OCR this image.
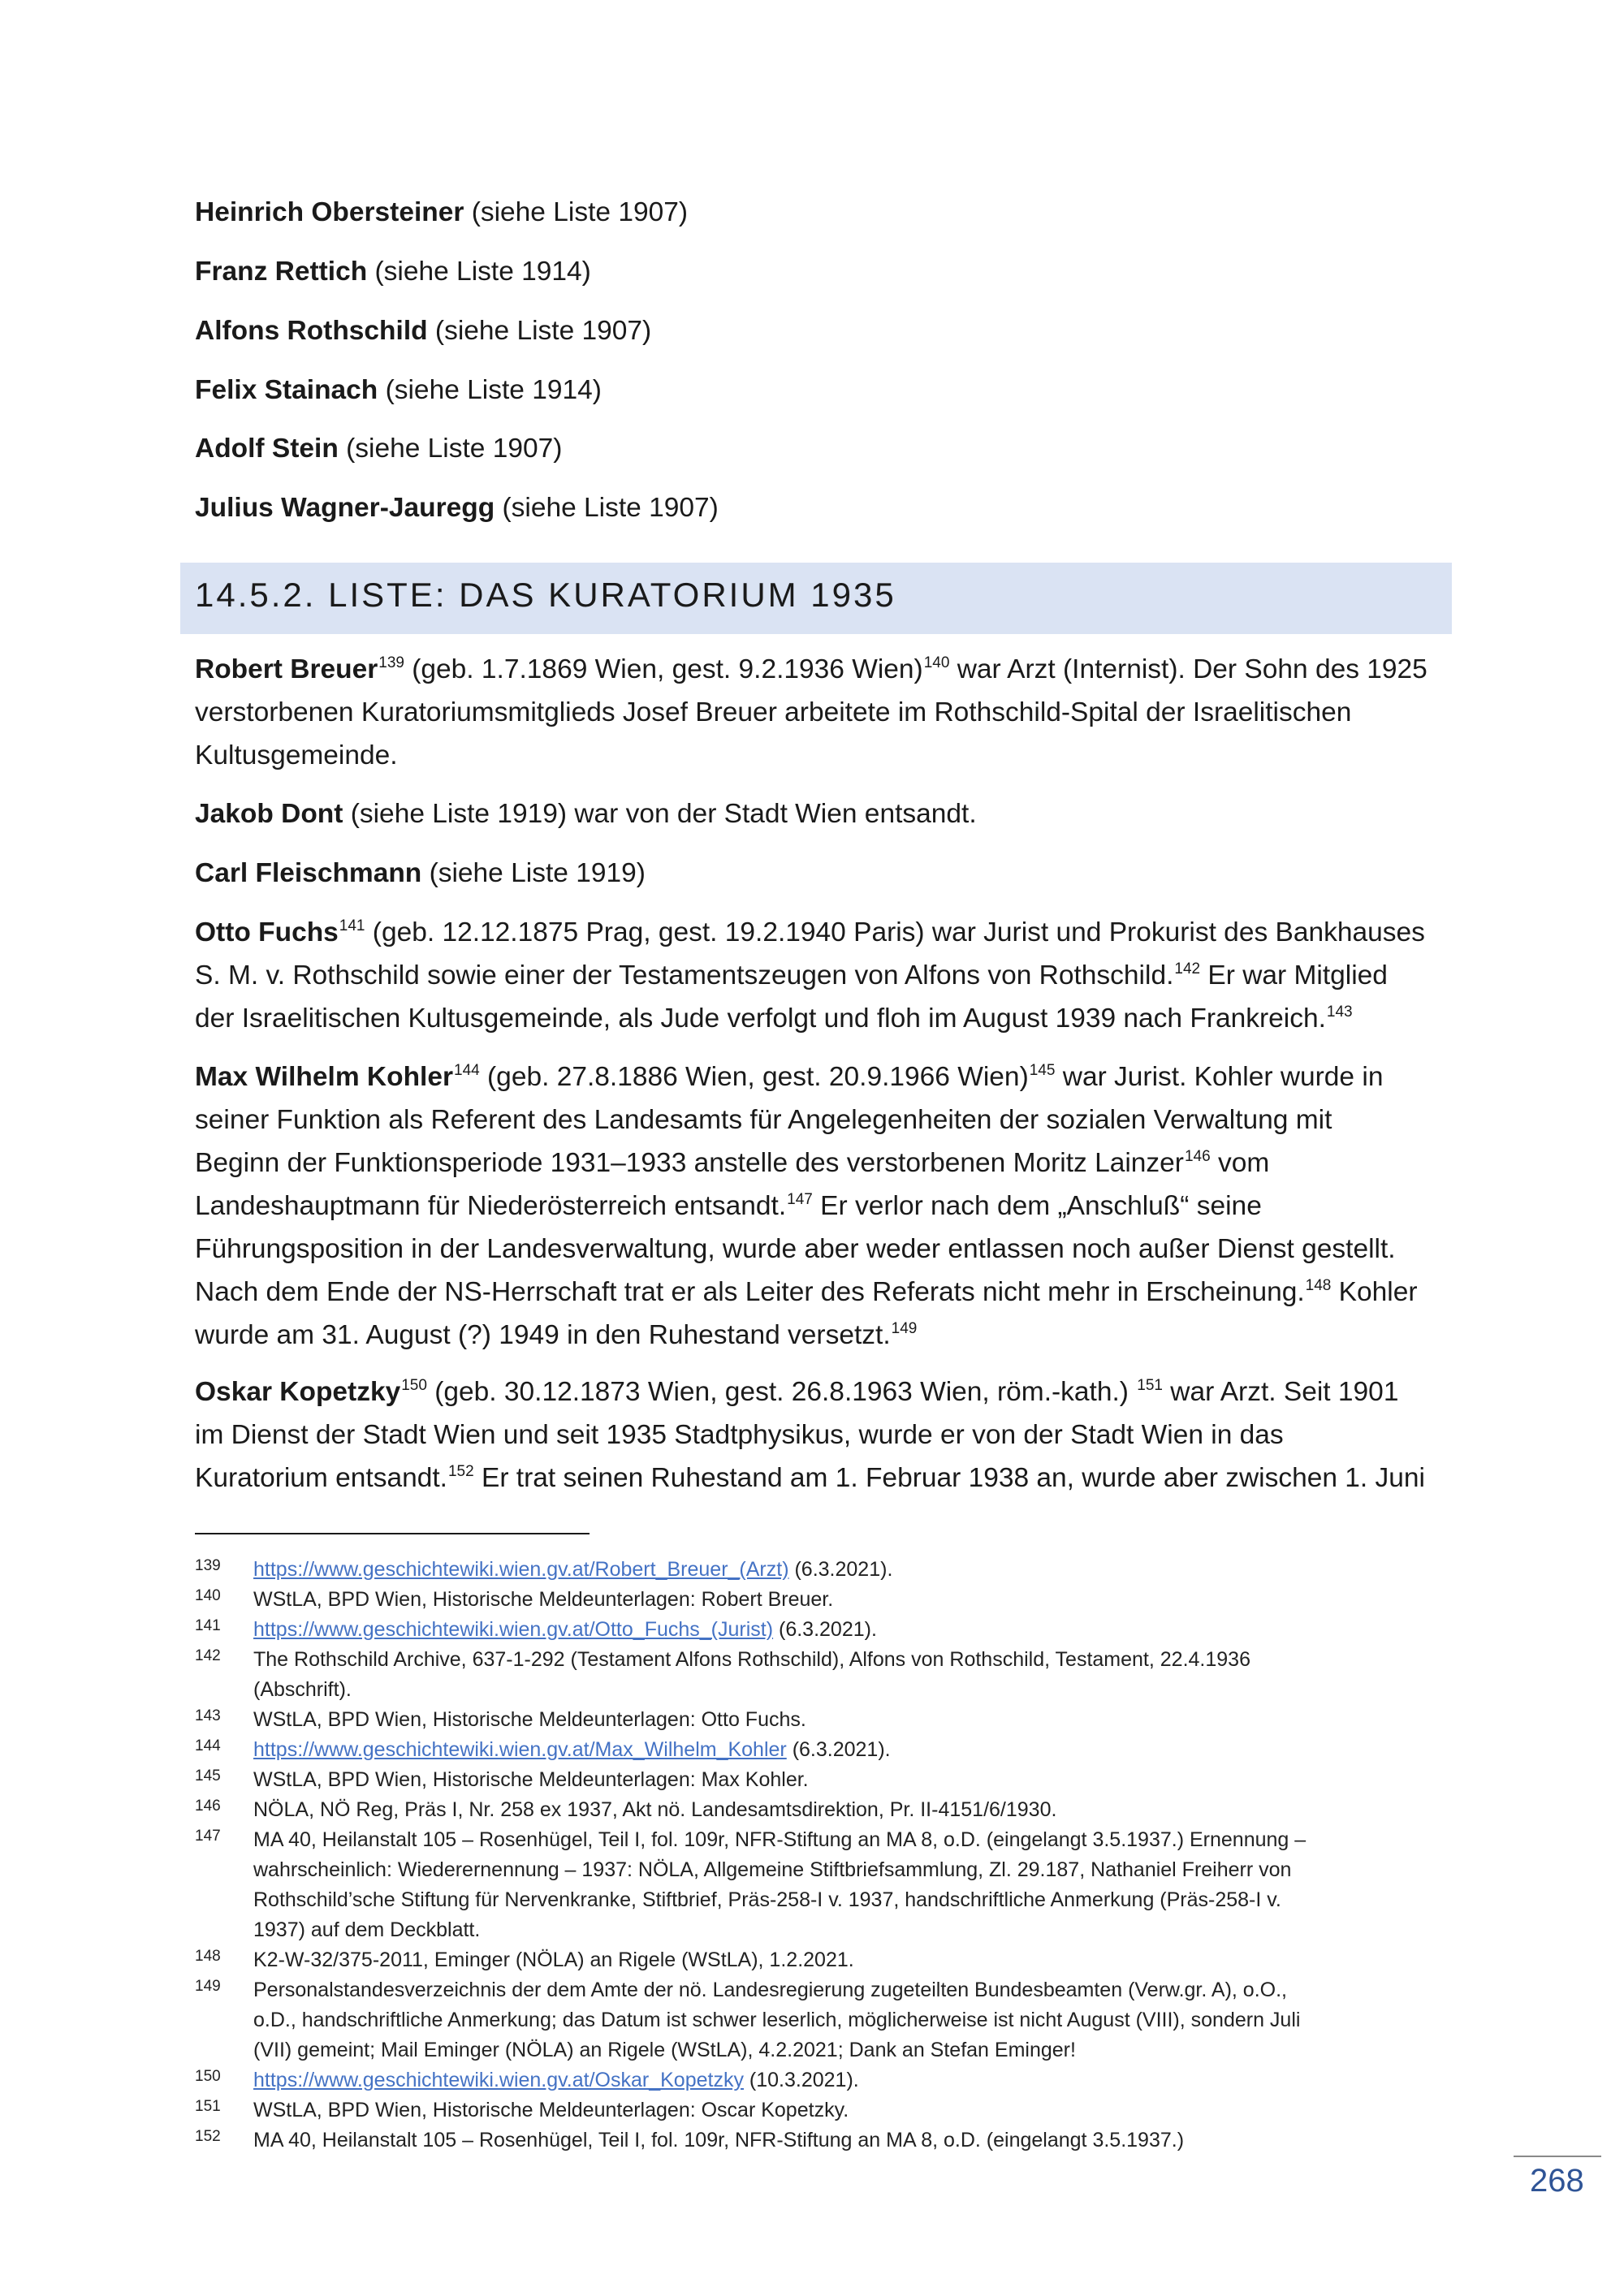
Heinrich Obersteiner (siehe Liste 1907)
Franz Rettich (siehe Liste 1914)
Alfons Rothschild (siehe Liste 1907)
Felix Stainach (siehe Liste 1914)
Adolf Stein (siehe Liste 1907)
Julius Wagner-Jauregg (siehe Liste 1907)
14.5.2. LISTE: DAS KURATORIUM 1935
Robert Breuer$^{139}$ (geb. 1.7.1869 Wien, gest. 9.2.1936 Wien)$^{140}$ war Arzt (Internist). Der Sohn des 1925
verstorbenen Kuratoriumsmitglieds Josef Breuer arbeitete im Rothschild-Spital der Israelitischen
Kultusgemeinde.
Jakob Dont (siehe Liste 1919) war von der Stadt Wien entsandt.
Carl Fleischmann (siehe Liste 1919)
Otto Fuchs$^{141}$ (geb. 12.12.1875 Prag, gest. 19.2.1940 Paris) war Jurist und Prokurist des Bankhauses
S. M. v. Rothschild sowie einer der Testamentszeugen von Alfons von Rothschild.$^{142}$ Er war Mitglied
der Israelitischen Kultusgemeinde, als Jude verfolgt und floh im August 1939 nach Frankreich.$^{143}$
Max Wilhelm Kohler$^{144}$ (geb. 27.8.1886 Wien, gest. 20.9.1966 Wien)$^{145}$ war Jurist. Kohler wurde in
seiner Funktion als Referent des Landesamts für Angelegenheiten der sozialen Verwaltung mit
Beginn der Funktionsperiode 1931–1933 anstelle des verstorbenen Moritz Lainzer$^{146}$ vom
Landeshauptmann für Niederösterreich entsandt.$^{147}$ Er verlor nach dem „Anschluß“ seine
Führungsposition in der Landesverwaltung, wurde aber weder entlassen noch außer Dienst gestellt.
Nach dem Ende der NS-Herrschaft trat er als Leiter des Referats nicht mehr in Erscheinung.$^{148}$ Kohler
wurde am 31. August (?) 1949 in den Ruhestand versetzt.$^{149}$
Oskar Kopetzky$^{150}$ (geb. 30.12.1873 Wien, gest. 26.8.1963 Wien, röm.-kath.) $^{151}$ war Arzt. Seit 1901
im Dienst der Stadt Wien und seit 1935 Stadtphysikus, wurde er von der Stadt Wien in das
Kuratorium entsandt.$^{152}$ Er trat seinen Ruhestand am 1. Februar 1938 an, wurde aber zwischen 1. Juni
139 https://www.geschichtewiki.wien.gv.at/Robert_Breuer_(Arzt) (6.3.2021).
140 WStLA, BPD Wien, Historische Meldeunterlagen: Robert Breuer.
141 https://www.geschichtewiki.wien.gv.at/Otto_Fuchs_(Jurist) (6.3.2021).
142 The Rothschild Archive, 637-1-292 (Testament Alfons Rothschild), Alfons von Rothschild, Testament, 22.4.1936
(Abschrift).
143 WStLA, BPD Wien, Historische Meldeunterlagen: Otto Fuchs.
144 https://www.geschichtewiki.wien.gv.at/Max_Wilhelm_Kohler (6.3.2021).
145 WStLA, BPD Wien, Historische Meldeunterlagen: Max Kohler.
146 NÖLA, NÖ Reg, Präs I, Nr. 258 ex 1937, Akt nö. Landesamtsdirektion, Pr. II-4151/6/1930.
147 MA 40, Heilanstalt 105 – Rosenhügel, Teil I, fol. 109r, NFR-Stiftung an MA 8, o.D. (eingelangt 3.5.1937.) Ernennung –
wahrscheinlich: Wiederernennung – 1937: NÖLA, Allgemeine Stiftbriefsammlung, Zl. 29.187, Nathaniel Freiherr von
Rothschild’sche Stiftung für Nervenkranke, Stiftbrief, Präs-258-I v. 1937, handschriftliche Anmerkung (Präs-258-I v.
1937) auf dem Deckblatt.
148 K2-W-32/375-2011, Eminger (NÖLA) an Rigele (WStLA), 1.2.2021.
149 Personalstandesverzeichnis der dem Amte der nö. Landesregierung zugeteilten Bundesbeamten (Verw.gr. A), o.O.,
o.D., handschriftliche Anmerkung; das Datum ist schwer leserlich, möglicherweise ist nicht August (VIII), sondern Juli
(VII) gemeint; Mail Eminger (NÖLA) an Rigele (WStLA), 4.2.2021; Dank an Stefan Eminger!
150 https://www.geschichtewiki.wien.gv.at/Oskar_Kopetzky (10.3.2021).
151 WStLA, BPD Wien, Historische Meldeunterlagen: Oscar Kopetzky.
152 MA 40, Heilanstalt 105 – Rosenhügel, Teil I, fol. 109r, NFR-Stiftung an MA 8, o.D. (eingelangt 3.5.1937.)
268
